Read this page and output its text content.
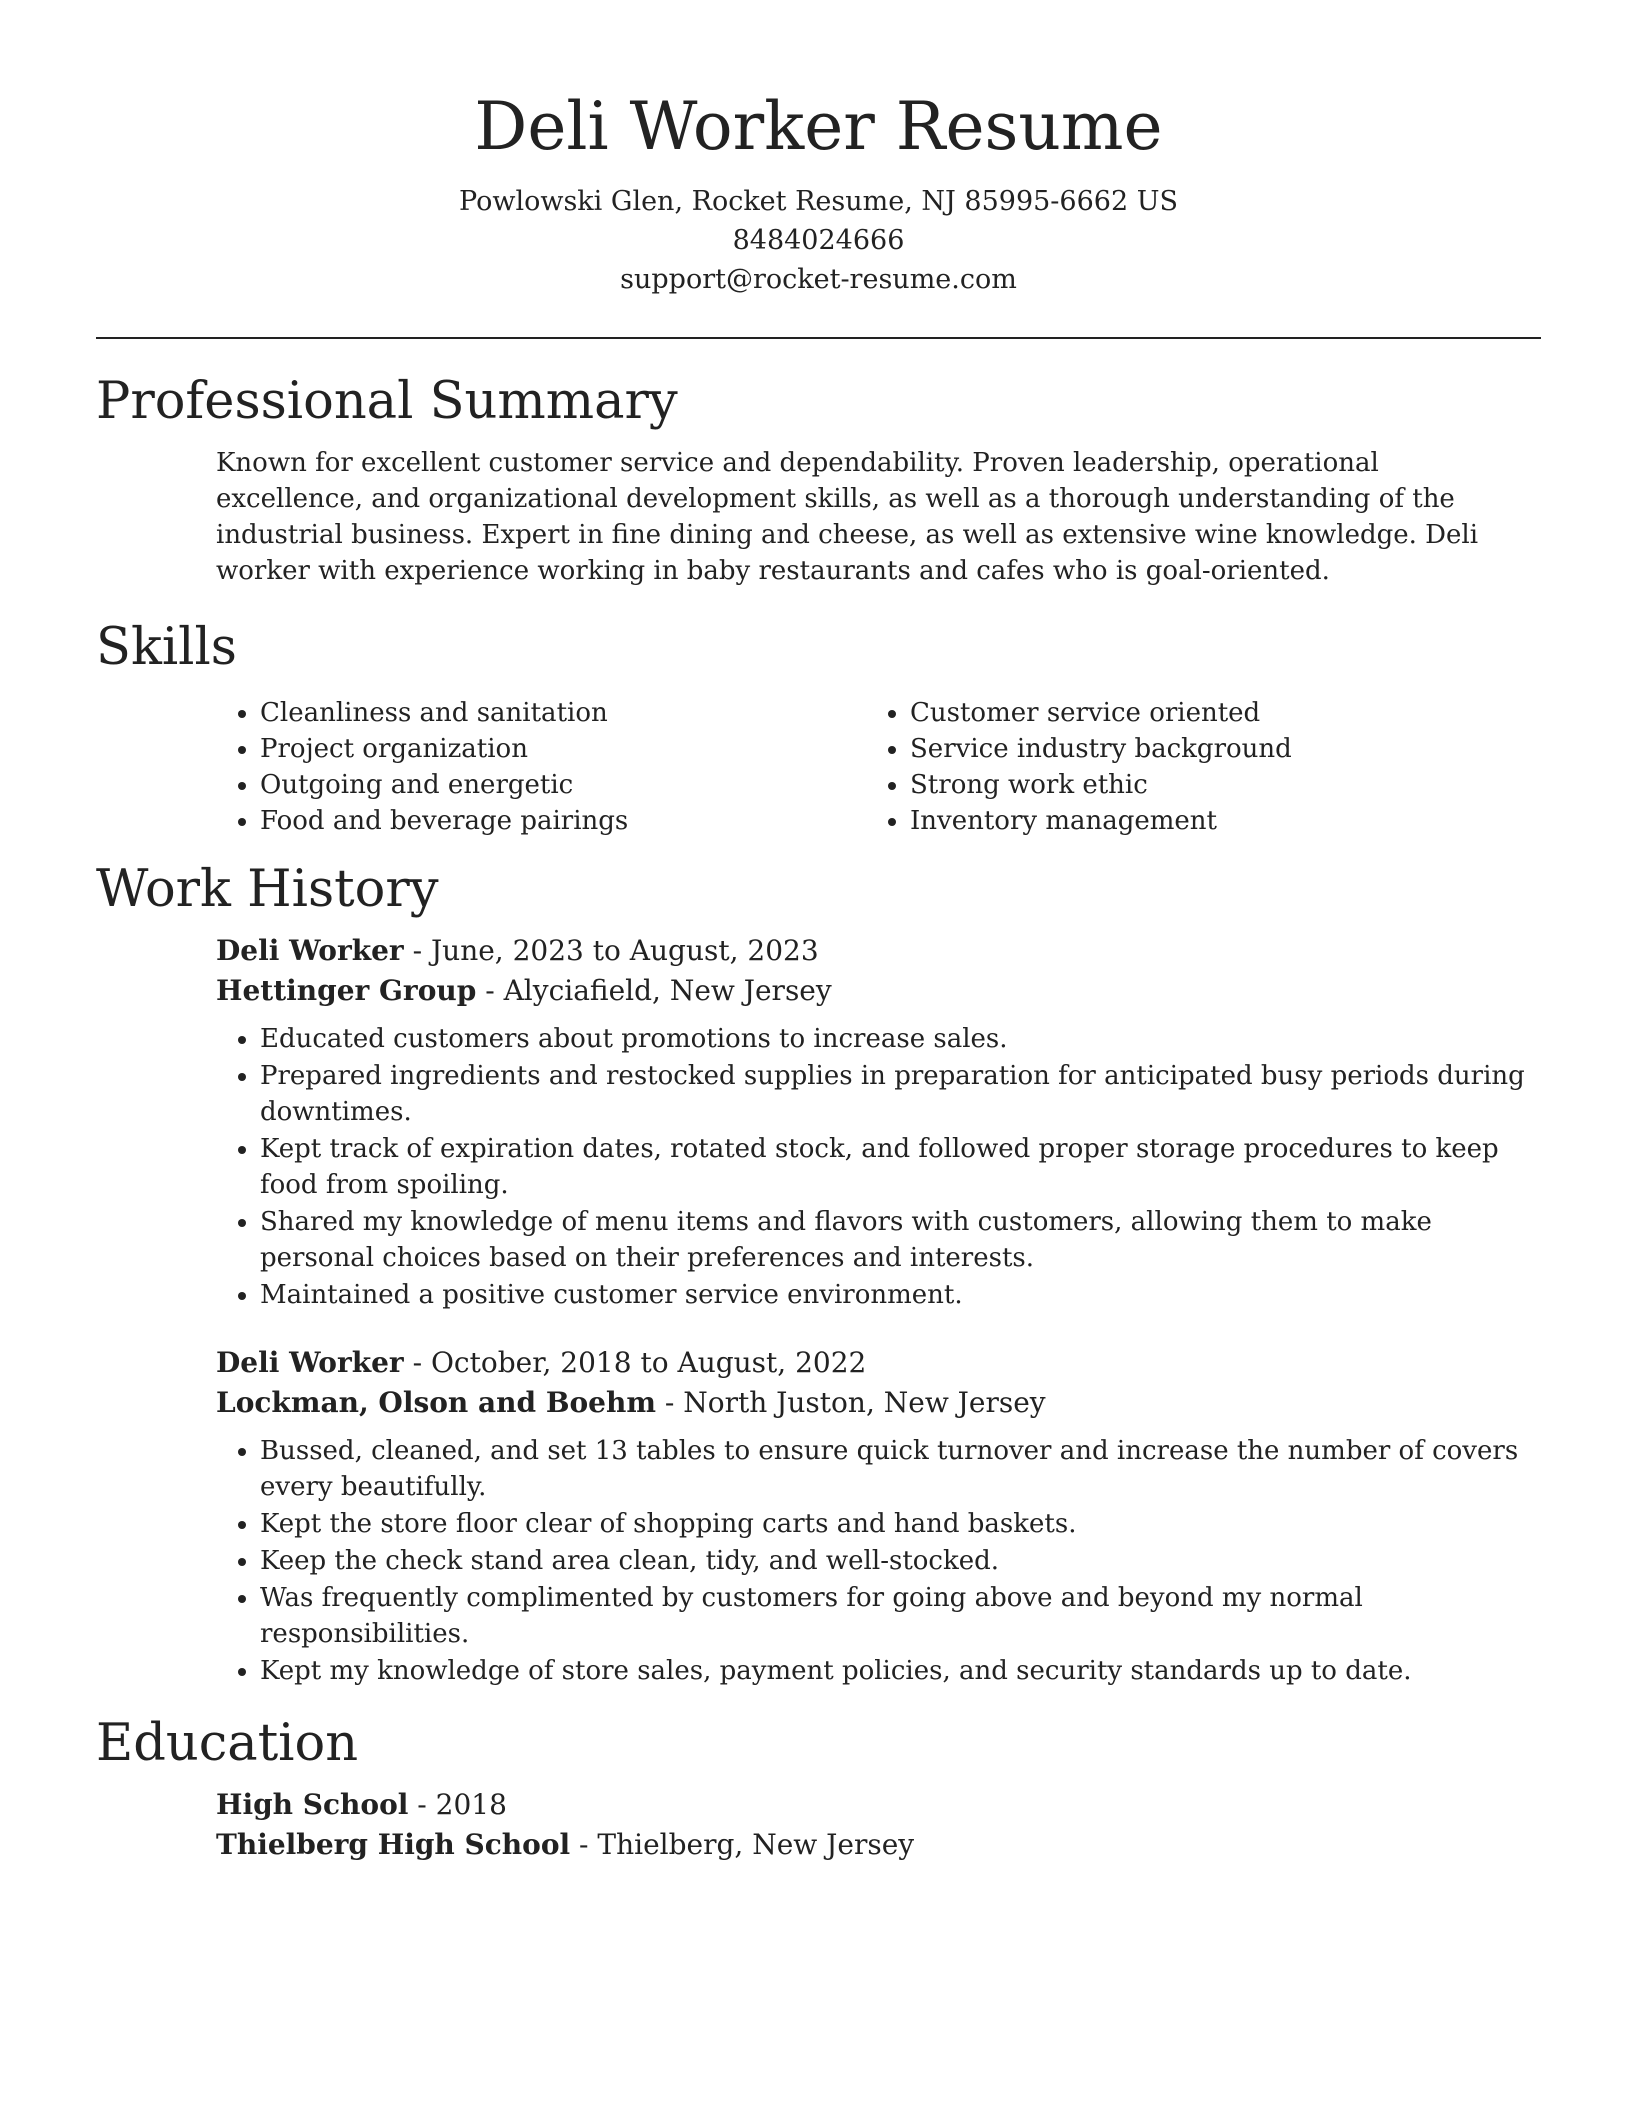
Deli Worker Resume
Powlowski Glen, Rocket Resume, NJ 85995-6662 US
8484024666
support@rocket-resume.com
Professional Summary
Known for excellent customer service and dependability. Proven leadership, operational excellence, and organizational development skills, as well as a thorough understanding of the industrial business. Expert in fine dining and cheese, as well as extensive wine knowledge. Deli worker with experience working in baby restaurants and cafes who is goal-oriented.
Skills
• Cleanliness and sanitation
• Project organization
• Outgoing and energetic
• Food and beverage pairings
• Customer service oriented
• Service industry background
• Strong work ethic
• Inventory management
Work History
Deli Worker - June, 2023 to August, 2023
Hettinger Group - Alyciafield, New Jersey
• Educated customers about promotions to increase sales.
• Prepared ingredients and restocked supplies in preparation for anticipated busy periods during downtimes.
• Kept track of expiration dates, rotated stock, and followed proper storage procedures to keep food from spoiling.
• Shared my knowledge of menu items and flavors with customers, allowing them to make personal choices based on their preferences and interests.
• Maintained a positive customer service environment.
Deli Worker - October, 2018 to August, 2022
Lockman, Olson and Boehm - North Juston, New Jersey
• Bussed, cleaned, and set 13 tables to ensure quick turnover and increase the number of covers every beautifully.
• Kept the store floor clear of shopping carts and hand baskets.
• Keep the check stand area clean, tidy, and well-stocked.
• Was frequently complimented by customers for going above and beyond my normal responsibilities.
• Kept my knowledge of store sales, payment policies, and security standards up to date.
Education
High School - 2018
Thielberg High School - Thielberg, New Jersey
